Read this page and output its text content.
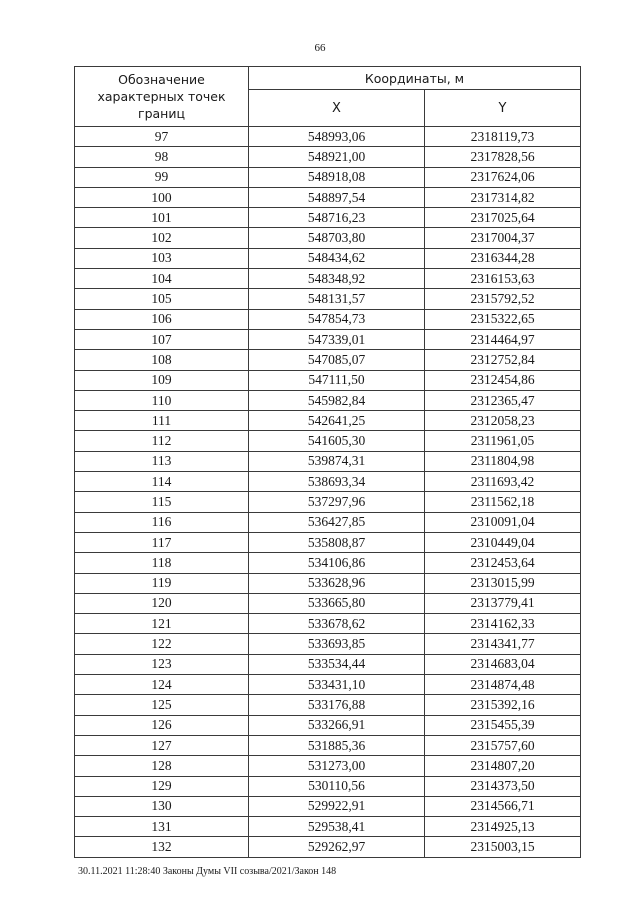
66
Обозначение характерных точек границ	Координаты, м	
	X	Y
97	548993,06	2318119,73
98	548921,00	2317828,56
99	548918,08	2317624,06
100	548897,54	2317314,82
101	548716,23	2317025,64
102	548703,80	2317004,37
103	548434,62	2316344,28
104	548348,92	2316153,63
105	548131,57	2315792,52
106	547854,73	2315322,65
107	547339,01	2314464,97
108	547085,07	2312752,84
109	547111,50	2312454,86
110	545982,84	2312365,47
111	542641,25	2312058,23
112	541605,30	2311961,05
113	539874,31	2311804,98
114	538693,34	2311693,42
115	537297,96	2311562,18
116	536427,85	2310091,04
117	535808,87	2310449,04
118	534106,86	2312453,64
119	533628,96	2313015,99
120	533665,80	2313779,41
121	533678,62	2314162,33
122	533693,85	2314341,77
123	533534,44	2314683,04
124	533431,10	2314874,48
125	533176,88	2315392,16
126	533266,91	2315455,39
127	531885,36	2315757,60
128	531273,00	2314807,20
129	530110,56	2314373,50
130	529922,91	2314566,71
131	529538,41	2314925,13
132	529262,97	2315003,15
30.11.2021 11:28:40 Законы Думы VII созыва/2021/Закон 148
